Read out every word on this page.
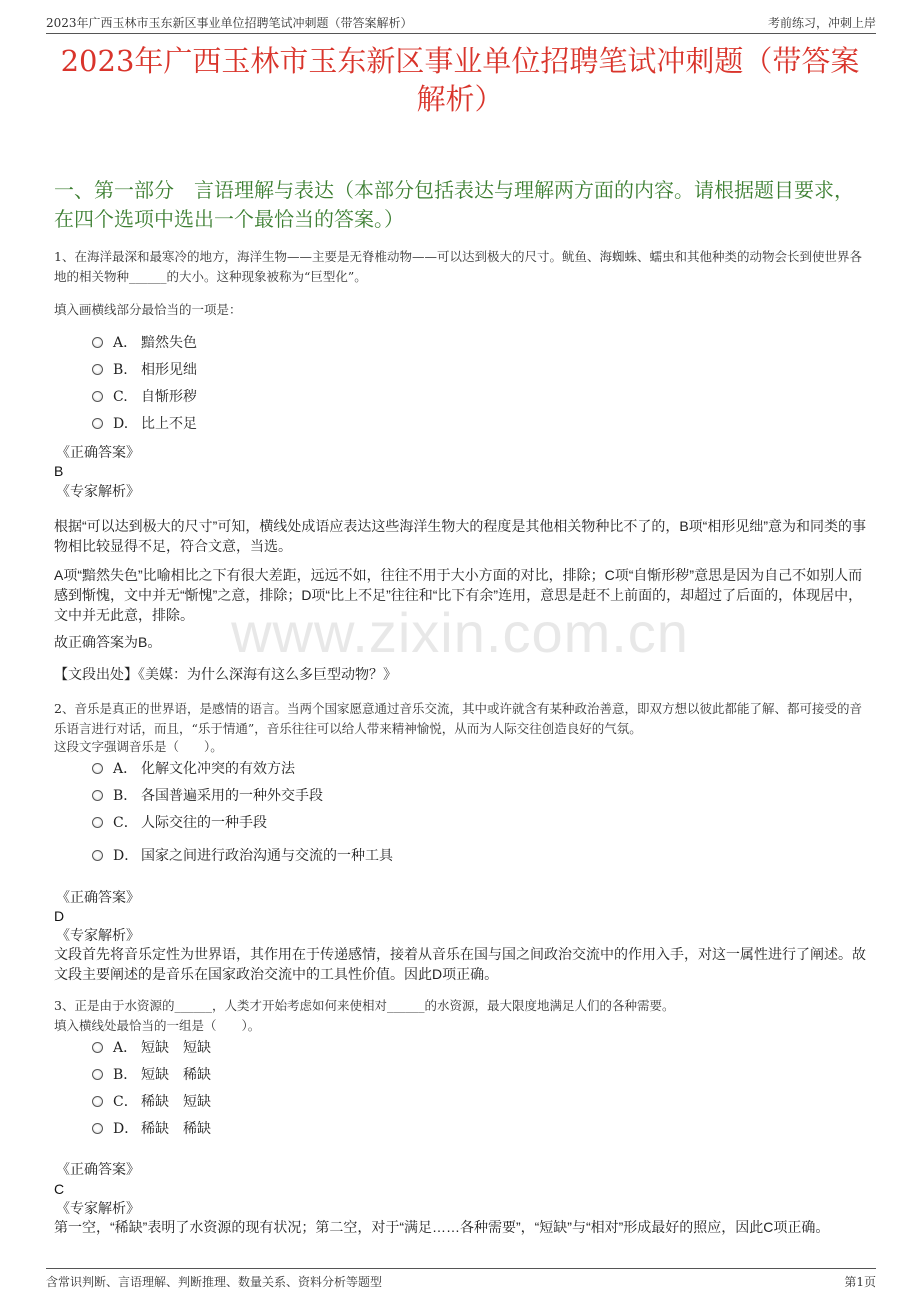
2023年广西玉林市玉东新区事业单位招聘笔试冲刺题（带答案解析）	考前练习，冲刺上岸
2023年广西玉林市玉东新区事业单位招聘笔试冲刺题（带答案解析）
一、第一部分　言语理解与表达（本部分包括表达与理解两方面的内容。请根据题目要求，在四个选项中选出一个最恰当的答案。）
1、在海洋最深和最寒冷的地方，海洋生物——主要是无脊椎动物——可以达到极大的尺寸。鱿鱼、海蜘蛛、蠕虫和其他种类的动物会长到使世界各地的相关物种______的大小。这种现象被称为“巨型化”。
填入画横线部分最恰当的一项是：
A． 黯然失色
B. 相形见绌
C. 自惭形秽
D. 比上不足
《正确答案》
B
《专家解析》
根据“可以达到极大的尺寸”可知，横线处成语应表达这些海洋生物大的程度是其他相关物种比不了的，B项“相形见绌”意为和同类的事物相比较显得不足，符合文意，当选。
A项“黯然失色”比喻相比之下有很大差距，远远不如，往往不用于大小方面的对比，排除；C项“自惭形秽”意思是因为自己不如别人而感到惭愧，文中并无“惭愧”之意，排除；D项“比上不足”往往和“比下有余”连用，意思是赶不上前面的，却超过了后面的，体现居中，文中并无此意，排除。
故正确答案为B。
【文段出处】《美媒：为什么深海有这么多巨型动物？》
2、音乐是真正的世界语，是感情的语言。当两个国家愿意通过音乐交流，其中或许就含有某种政治善意，即双方想以彼此都能了解、都可接受的音乐语言进行对话，而且，“乐于情通”，音乐往往可以给人带来精神愉悦，从而为人际交往创造良好的气氛。
这段文字强调音乐是（　　）。
A． 化解文化冲突的有效方法
B． 各国普遍采用的一种外交手段
C． 人际交往的一种手段
D． 国家之间进行政治沟通与交流的一种工具
《正确答案》
D
《专家解析》
文段首先将音乐定性为世界语，其作用在于传递感情，接着从音乐在国与国之间政治交流中的作用入手，对这一属性进行了阐述。故文段主要阐述的是音乐在国家政治交流中的工具性价值。因此D项正确。
3、正是由于水资源的______，人类才开始考虑如何来使相对______的水资源，最大限度地满足人们的各种需要。
填入横线处最恰当的一组是（　　）。
A． 短缺　短缺
B． 短缺　稀缺
C． 稀缺　短缺
D． 稀缺　稀缺
《正确答案》
C
《专家解析》
第一空，“稀缺”表明了水资源的现有状况；第二空，对于“满足……各种需要”，“短缺”与“相对”形成最好的照应，因此C项正确。
www.zixin.com.cn
含常识判断、言语理解、判断推理、数量关系、资料分析等题型	第1页
